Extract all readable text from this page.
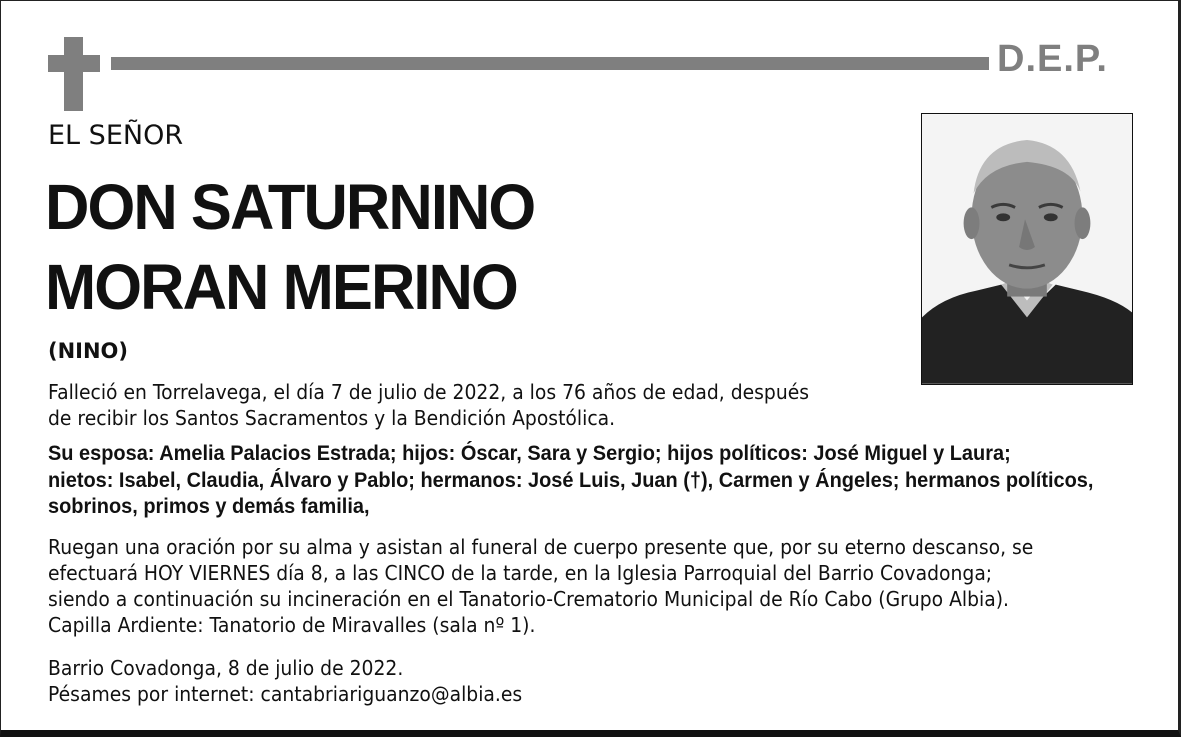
D.E.P.
EL SEÑOR
DON SATURNINO
MORAN MERINO
(NINO)
Falleció en Torrelavega, el día 7 de julio de 2022, a los 76 años de edad, después
de recibir los Santos Sacramentos y la Bendición Apostólica.
Su esposa: Amelia Palacios Estrada; hijos: Óscar, Sara y Sergio; hijos políticos: José Miguel y Laura;
nietos: Isabel, Claudia, Álvaro y Pablo; hermanos: José Luis, Juan (†), Carmen y Ángeles; hermanos políticos,
sobrinos, primos y demás familia,
Ruegan una oración por su alma y asistan al funeral de cuerpo presente que, por su eterno descanso, se
efectuará HOY VIERNES día 8, a las CINCO de la tarde, en la Iglesia Parroquial del Barrio Covadonga;
siendo a continuación su incineración en el Tanatorio-Crematorio Municipal de Río Cabo (Grupo Albia).
Capilla Ardiente: Tanatorio de Miravalles (sala nº 1).
Barrio Covadonga, 8 de julio de 2022.
Pésames por internet: cantabriariguanzo@albia.es
